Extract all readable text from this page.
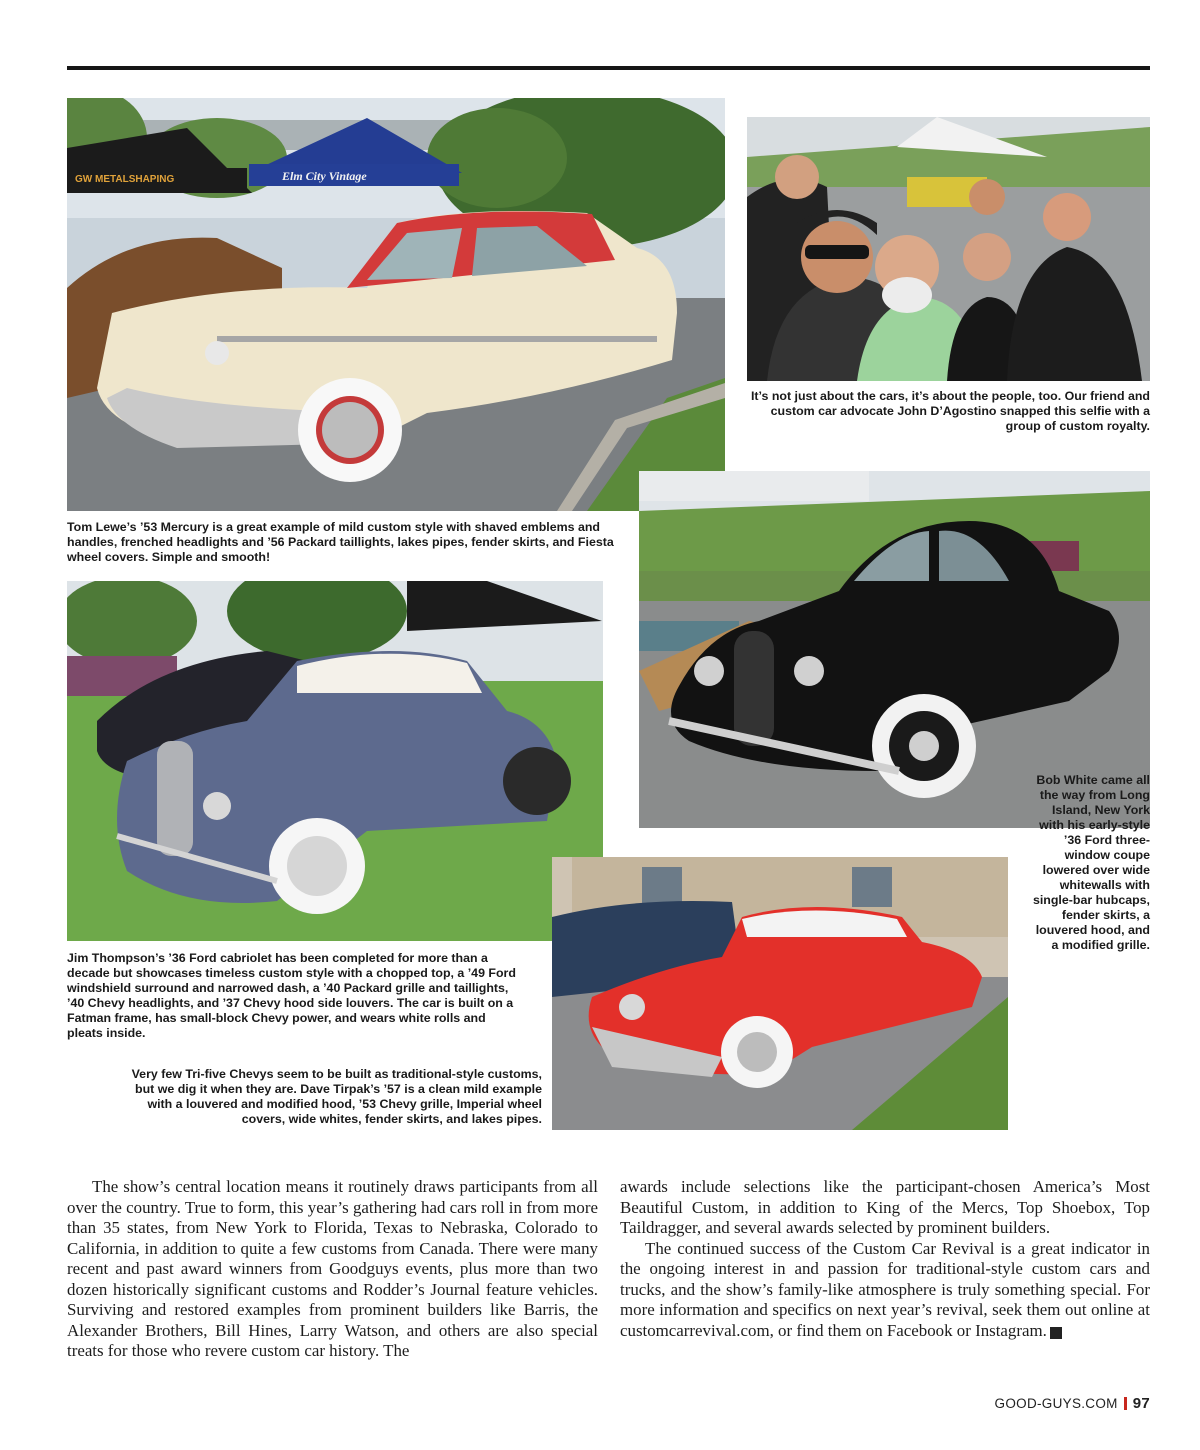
GW METALSHAPING	Elm City Vintage

Tom Lewe’s ’53 Mercury is a great example of mild custom style with shaved emblems and handles, frenched headlights and ’56 Packard taillights, lakes pipes, fender skirts, and Fiesta wheel covers. Simple and smooth!

It’s not just about the cars, it’s about the people, too. Our friend and custom car advocate John D’Agostino snapped this selfie with a group of custom royalty.

Bob White came all the way from Long Island, New York with his early-style ’36 Ford three-window coupe lowered over wide whitewalls with single-bar hubcaps, fender skirts, a louvered hood, and a modified grille.

Jim Thompson’s ’36 Ford cabriolet has been completed for more than a decade but showcases timeless custom style with a chopped top, a ’49 Ford windshield surround and narrowed dash, a ’40 Packard grille and taillights, ’40 Chevy headlights, and ’37 Chevy hood side louvers. The car is built on a Fatman frame, has small-block Chevy power, and wears white rolls and pleats inside.

Very few Tri-five Chevys seem to be built as traditional-style customs, but we dig it when they are. Dave Tirpak’s ’57 is a clean mild example with a louvered and modified hood, ’53 Chevy grille, Imperial wheel covers, wide whites, fender skirts, and lakes pipes.

The show’s central location means it routinely draws participants from all over the country. True to form, this year’s gathering had cars roll in from more than 35 states, from New York to Florida, Texas to Nebraska, Colorado to California, in addition to quite a few customs from Canada. There were many recent and past award winners from Goodguys events, plus more than two dozen historically significant customs and Rodder’s Journal feature vehicles. Surviving and restored examples from prominent builders like Barris, the Alexander Brothers, Bill Hines, Larry Watson, and others are also special treats for those who revere custom car history. The

awards include selections like the participant-chosen America’s Most Beautiful Custom, in addition to King of the Mercs, Top Shoebox, Top Taildragger, and several awards selected by prominent builders.

The continued success of the Custom Car Revival is a great indicator in the ongoing interest in and passion for traditional-style custom cars and trucks, and the show’s family-like atmosphere is truly something special. For more information and specifics on next year’s revival, seek them out online at customcarrevival.com, or find them on Facebook or Instagram.	GG

GOOD-GUYS.COM 97
